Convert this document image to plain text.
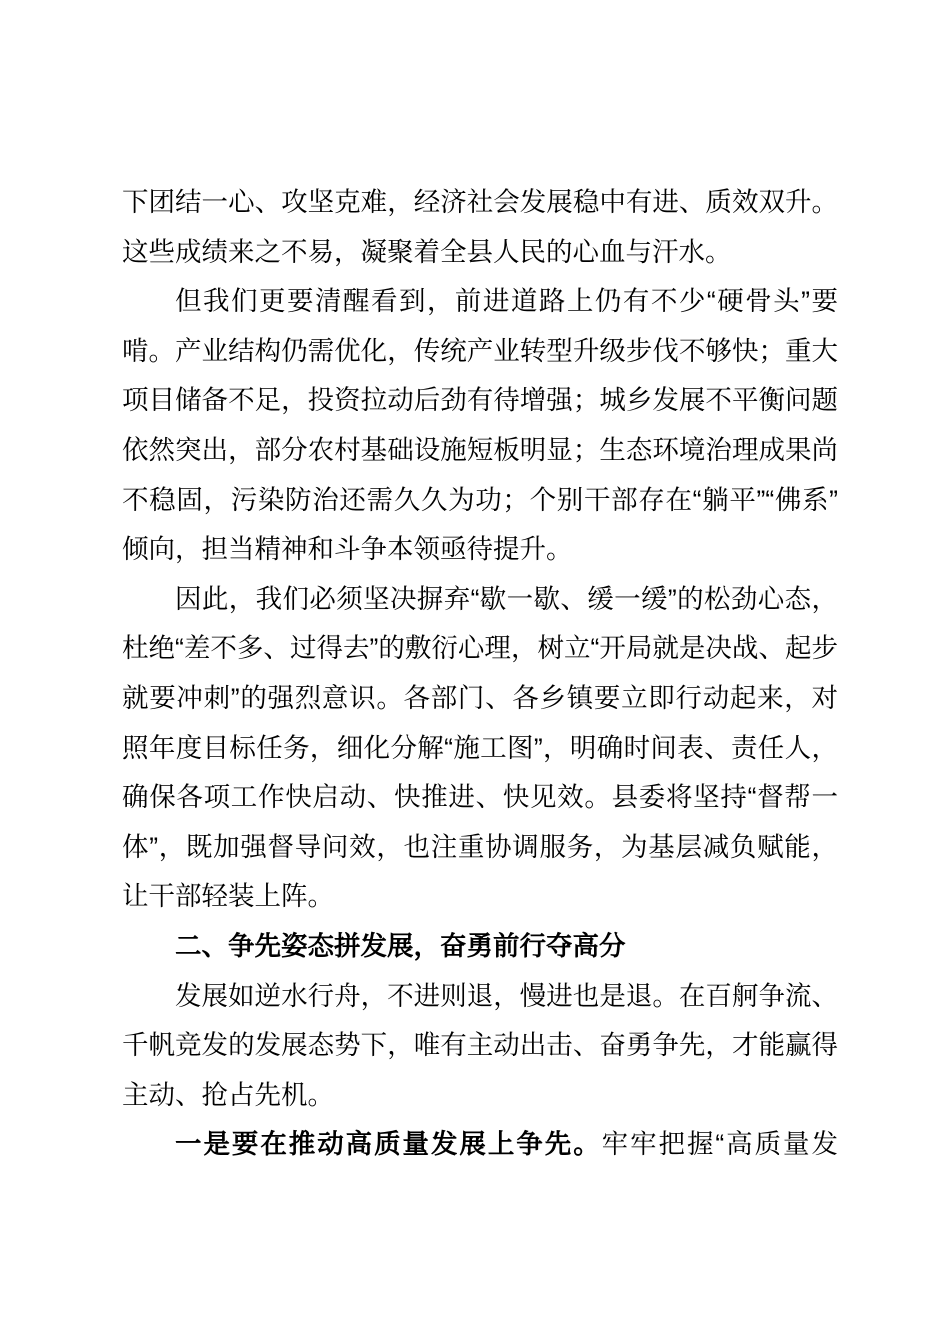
下团结一心、攻坚克难，经济社会发展稳中有进、质效双升。这些成绩来之不易，凝聚着全县人民的心血与汗水。

但我们更要清醒看到，前进道路上仍有不少“硬骨头”要啃。产业结构仍需优化，传统产业转型升级步伐不够快；重大项目储备不足，投资拉动后劲有待增强；城乡发展不平衡问题依然突出，部分农村基础设施短板明显；生态环境治理成果尚不稳固，污染防治还需久久为功；个别干部存在“躺平”“佛系”倾向，担当精神和斗争本领亟待提升。

因此，我们必须坚决摒弃“歇一歇、缓一缓”的松劲心态，杜绝“差不多、过得去”的敷衍心理，树立“开局就是决战、起步就要冲刺”的强烈意识。各部门、各乡镇要立即行动起来，对照年度目标任务，细化分解“施工图”，明确时间表、责任人，确保各项工作快启动、快推进、快见效。县委将坚持“督帮一体”，既加强督导问效，也注重协调服务，为基层减负赋能，让干部轻装上阵。

二、争先姿态拼发展，奋勇前行夺高分

发展如逆水行舟，不进则退，慢进也是退。在百舸争流、千帆竞发的发展态势下，唯有主动出击、奋勇争先，才能赢得主动、抢占先机。

一是要在推动高质量发展上争先。牢牢把握“高质量发
